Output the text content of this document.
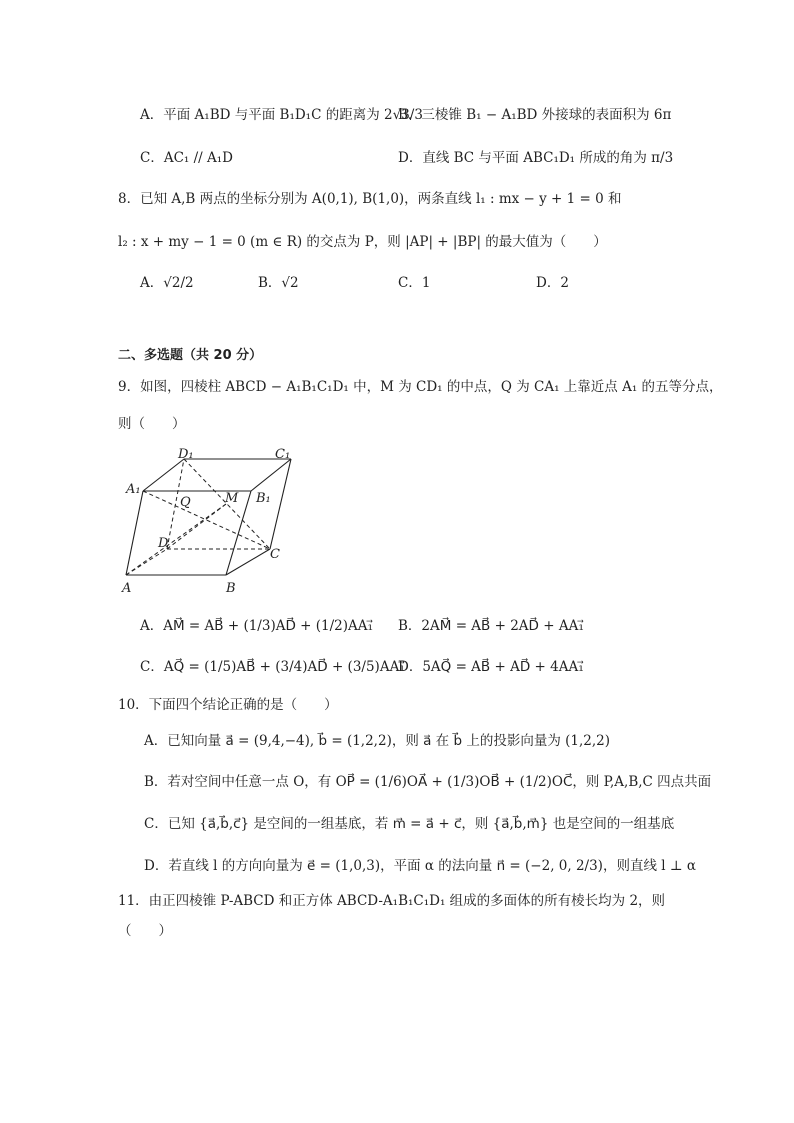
A．平面 A₁BD 与平面 B₁D₁C 的距离为 2√3/3
B．三棱锥 B₁ − A₁BD 外接球的表面积为 6π
C．AC₁ // A₁D	D．直线 BC 与平面 ABC₁D₁ 所成的角为 π/3
8．已知 A,B 两点的坐标分别为 A(0,1), B(1,0)，两条直线 l₁ : mx − y + 1 = 0 和
l₂ : x + my − 1 = 0 (m ∈ R) 的交点为 P，则 |AP| + |BP| 的最大值为（　　）
A．√2/2	B．√2	C．1	D．2
二、多选题（共 20 分）
9．如图，四棱柱 ABCD − A₁B₁C₁D₁ 中，M 为 CD₁ 的中点，Q 为 CA₁ 上靠近点 A₁ 的五等分点，
则（　　）
D₁	C₁
A₁
B₁
Q	M
D
C
A	B
A．AM⃗ = AB⃗ + (1/3)AD⃗ + (1/2)AA₁⃗ B．2AM⃗ = AB⃗ + 2AD⃗ + AA₁⃗
C．AQ⃗ = (1/5)AB⃗ + (3/4)AD⃗ + (3/5)AA₁⃗
D．5AQ⃗ = AB⃗ + AD⃗ + 4AA₁⃗
10．下面四个结论正确的是（　　）
A．已知向量 a⃗ = (9,4,−4), b⃗ = (1,2,2)，则 a⃗ 在 b⃗ 上的投影向量为 (1,2,2)
B．若对空间中任意一点 O，有 OP⃗ = (1/6)OA⃗ + (1/3)OB⃗ + (1/2)OC⃗，则 P,A,B,C 四点共面
C．已知 {a⃗,b⃗,c⃗} 是空间的一组基底，若 m⃗ = a⃗ + c⃗，则 {a⃗,b⃗,m⃗} 也是空间的一组基底
D．若直线 l 的方向向量为 e⃗ = (1,0,3)，平面 α 的法向量 n⃗ = (−2, 0, 2/3)，则直线 l ⊥ α
11．由正四棱锥 P-ABCD 和正方体 ABCD-A₁B₁C₁D₁ 组成的多面体的所有棱长均为 2，则
（　　）
